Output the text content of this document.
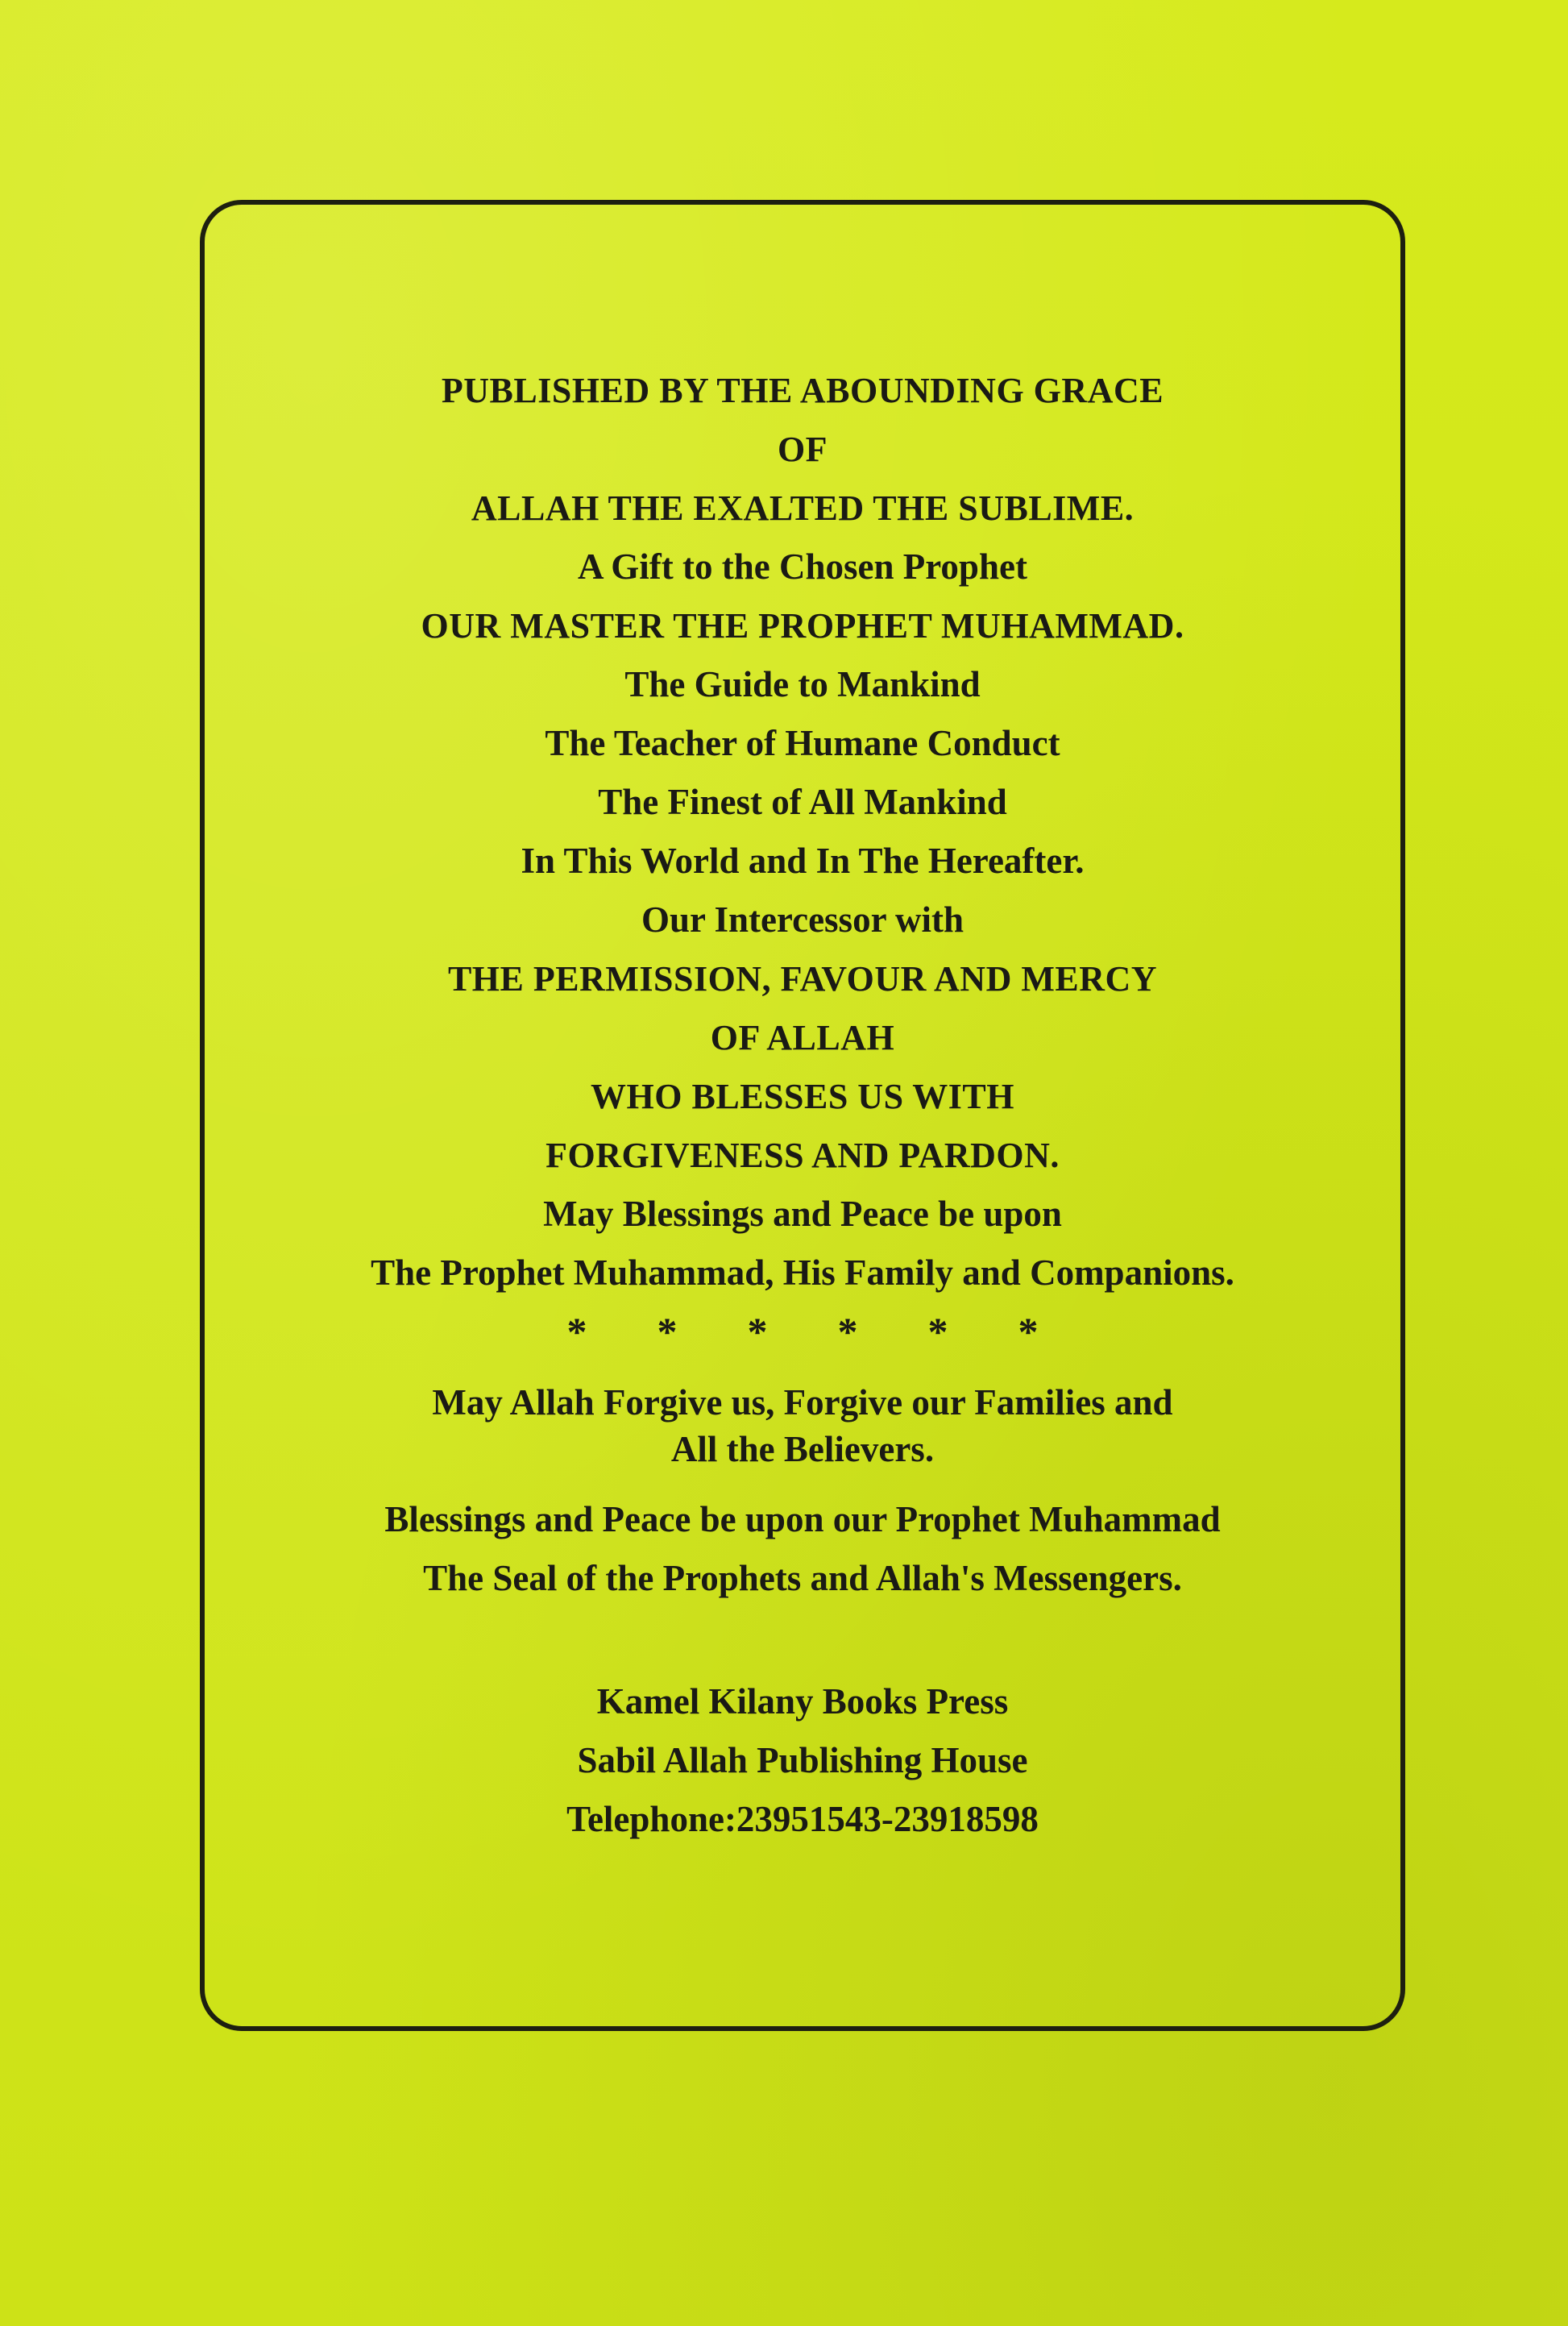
PUBLISHED BY THE ABOUNDING GRACE
OF
ALLAH THE EXALTED THE SUBLIME.
A Gift to the Chosen Prophet
OUR MASTER THE PROPHET MUHAMMAD.
The Guide to Mankind
The Teacher of Humane Conduct
The Finest of All Mankind
In This World and In The Hereafter.
Our Intercessor with
THE PERMISSION, FAVOUR AND MERCY
OF ALLAH
WHO BLESSES US WITH
FORGIVENESS AND PARDON.
May Blessings and Peace be upon
The Prophet Muhammad, His Family and Companions.
* * * * * *
May Allah Forgive us, Forgive our Families and
All the Believers.
Blessings and Peace be upon our Prophet Muhammad
The Seal of the Prophets and Allah's Messengers.
Kamel Kilany Books Press
Sabil Allah Publishing House
Telephone:23951543-23918598
